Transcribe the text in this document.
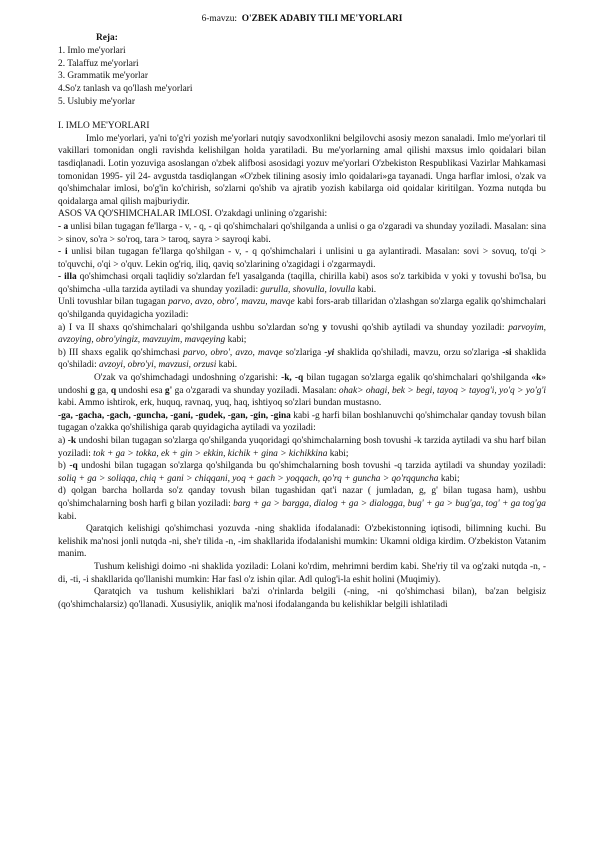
6-mavzu: O'ZBEK ADABIY TILI ME'YORLARI
Reja:
1. Imlo me'yorlari
2. Talaffuz me'yorlari
3. Grammatik me'yorlar
4.So'z tanlash va qo'llash me'yorlari
5. Uslubiy me'yorlar
I. IMLO ME'YORLARI

Imlo me'yorlari, ya'ni to'g'ri yozish me'yorlari nutqiy savodxonlikni belgilovchi asosiy mezon sanaladi. Imlo me'yorlari til vakillari tomonidan ongli ravishda kelishilgan holda yaratiladi. Bu me'yorlarning amal qilishi maxsus imlo qoidalari bilan tasdiqlanadi. Lotin yozuviga asoslangan o'zbek alifbosi asosidagi yozuv me'yorlari O'zbekiston Respublikasi Vazirlar Mahkamasi tomonidan 1995- yil 24- avgustda tasdiqlangan «O'zbek tilining asosiy imlo qoidalari»ga tayanadi. Unga harflar imlosi, o'zak va qo'shimchalar imlosi, bo'g'in ko'chirish, so'zlarni qo'shib va ajratib yozish kabilarga oid qoidalar kiritilgan. Yozma nutqda bu qoidalarga amal qilish majburiydir.

ASOS VA QO'SHIMCHALAR IMLOSI. O'zakdagi unlining o'zgarishi:

- a unlisi bilan tugagan fe'llarga - v, - q, - qi qo'shimchalari qo'shilganda a unlisi o ga o'zgaradi va shunday yoziladi. Masalan: sina > sinov, so'ra > so'roq, tara > taroq, sayra > sayroqi kabi.

- i unlisi bilan tugagan fe'llarga qo'shilgan - v, - q qo'shimchalari i unlisini u ga aylantiradi. Masalan: sovi > sovuq, to'qi > to'quvchi, o'qi > o'quv. Lekin og'riq, iliq, qaviq so'zlarining o'zagidagi i o'zgarmaydi.

- illa qo'shimchasi orqali taqlidiy so'zlardan fe'l yasalganda (taqilla, chirilla kabi) asos so'z tarkibida v yoki y tovushi bo'lsa, bu qo'shimcha -ulla tarzida aytiladi va shunday yoziladi: gurulla, shovulla, lovulla kabi.

Unli tovushlar bilan tugagan parvo, avzo, obro', mavzu, mavqe kabi fors-arab tillaridan o'zlashgan so'zlarga egalik qo'shimchalari qo'shilganda quyidagicha yoziladi:

a) I va II shaxs qo'shimchalari qo'shilganda ushbu so'zlardan so'ng y tovushi qo'shib aytiladi va shunday yoziladi: parvoyim, avzoying, obro'yingiz, mavzuyim, mavqeying kabi;

b) III shaxs egalik qo'shimchasi parvo, obro', avzo, mavqe so'zlariga -yi shaklida qo'shiladi, mavzu, orzu so'zlariga -si shaklida qo'shiladi: avzoyi, obro'yi, mavzusi, orzusi kabi.

O'zak va qo'shimchadagi undoshning o'zgarishi: -k, -q bilan tugagan so'zlarga egalik qo'shimchalari qo'shilganda «k» undoshi g ga, q undoshi esa g' ga o'zgaradi va shunday yoziladi. Masalan: ohak> ohagi, bek > begi, tayoq > tayog'i, yo'q > yo'g'i kabi. Ammo ishtirok, erk, huquq, ravnaq, yuq, haq, ishtiyoq so'zlari bundan mustasno.

-ga, -gacha, -gach, -guncha, -gani, -gudek, -gan, -gin, -gina kabi -g harfi bilan boshlanuvchi qo'shimchalar qanday tovush bilan tugagan o'zakka qo'shilishiga qarab quyidagicha aytiladi va yoziladi:

a) -k undoshi bilan tugagan so'zlarga qo'shilganda yuqoridagi qo'shimchalarning bosh tovushi -k tarzida aytiladi va shu harf bilan yoziladi: tok + ga > tokka, ek + gin > ekkin, kichik + gina > kichikkina kabi;

b) -q undoshi bilan tugagan so'zlarga qo'shilganda bu qo'shimchalarning bosh tovushi -q tarzida aytiladi va shunday yoziladi: soliq + ga > soliqqa, chiq + gani > chiqqani, yoq + gach > yoqqach, qo'rq + guncha > qo'rqquncha kabi;

d) qolgan barcha hollarda so'z qanday tovush bilan tugashidan qat'i nazar ( jumladan, g, g' bilan tugasa ham), ushbu qo'shimchalarning bosh harfi g bilan yoziladi: barg + ga > bargga, dialog + ga > dialogga, bug' + ga > bug'ga, tog' + ga tog'ga kabi.

Qaratqich kelishigi qo'shimchasi yozuvda -ning shaklida ifodalanadi: O'zbekistonning iqtisodi, bilimning kuchi. Bu kelishik ma'nosi jonli nutqda -ni, she'r tilida -n, -im shakllarida ifodalanishi mumkin: Ukamni oldiga kirdim. O'zbekiston Vatanim manim.

Tushum kelishigi doimo -ni shaklida yoziladi: Lolani ko'rdim, mehrimni berdim kabi. She'riy til va og'zaki nutqda -n, -di, -ti, -i shakllarida qo'llanishi mumkin: Har fasl o'z ishin qilar. Adl qulog'i-la eshit holini (Muqimiy).

Qaratqich va tushum kelishiklari ba'zi o'rinlarda belgili (-ning, -ni qo'shimchasi bilan), ba'zan belgisiz (qo'shimchalarsiz) qo'llanadi. Xususiylik, aniqlik ma'nosi ifodalanganda bu kelishiklar belgili ishlatiladi
